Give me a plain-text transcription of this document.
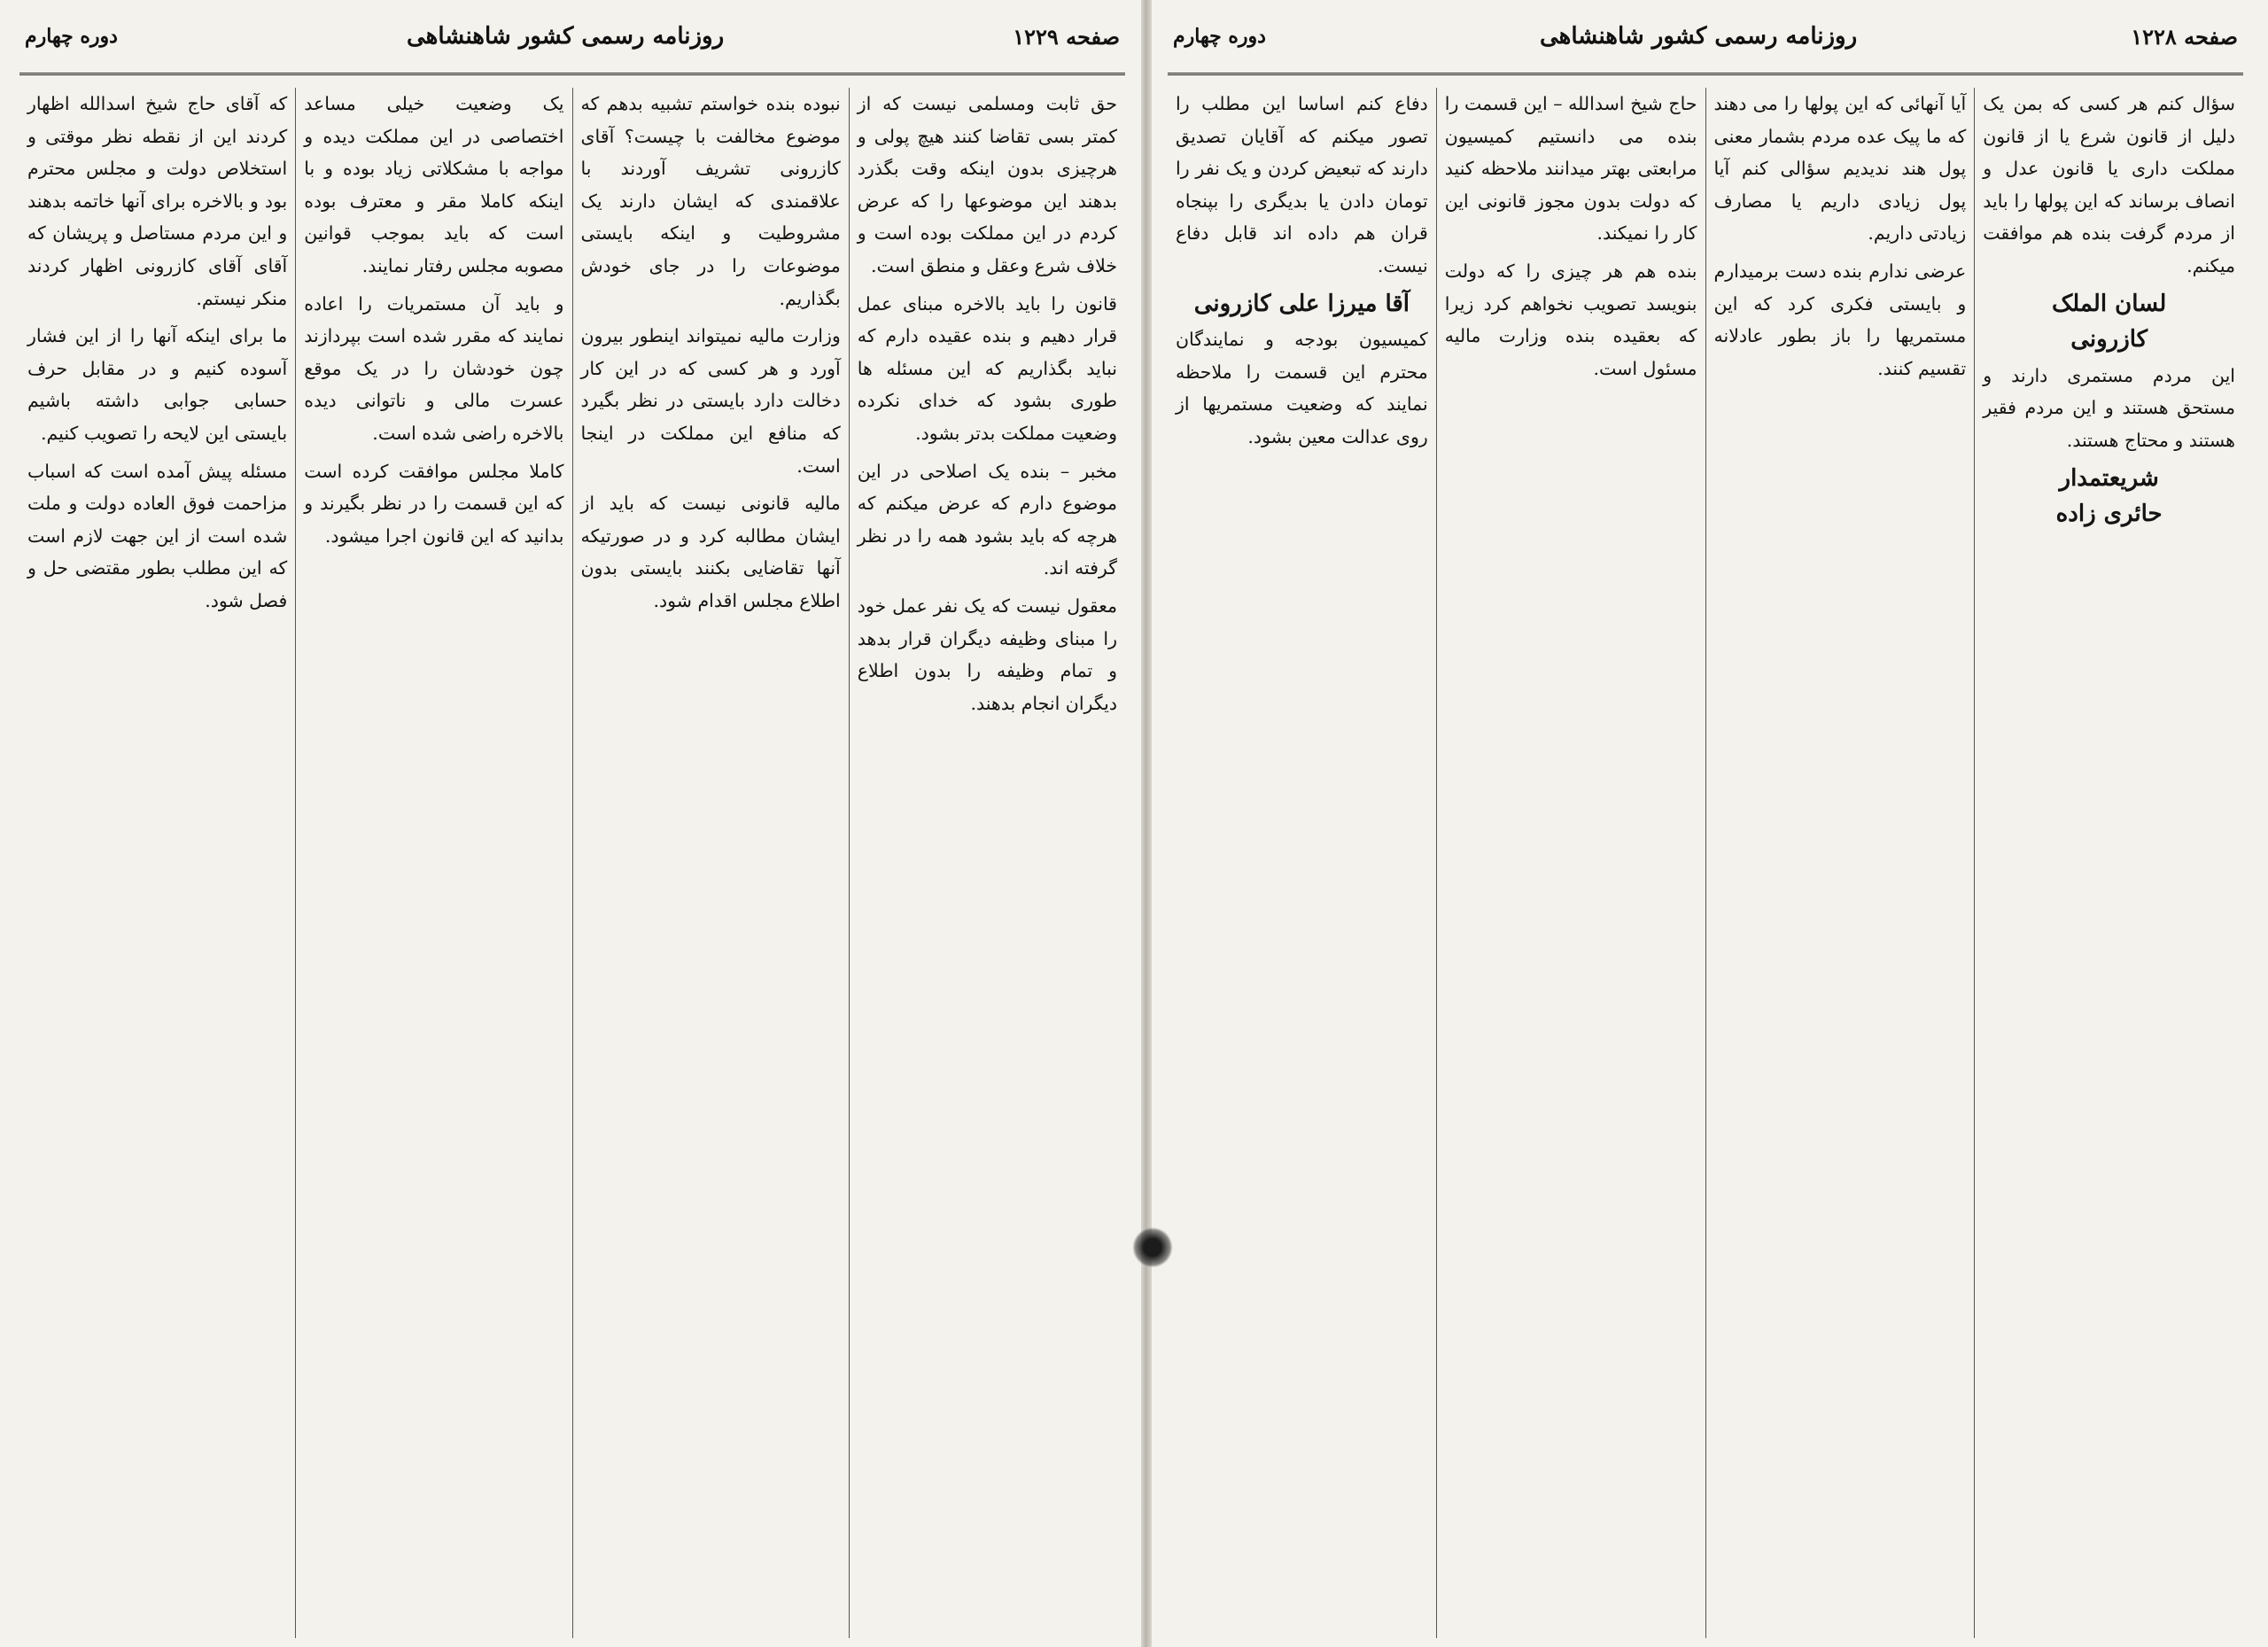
صفحه ۱۲۲۹
روزنامه رسمی کشور شاهنشاهی
دوره چهارم

حق ثابت ومسلمی نیست که از کمتر بسی تقاضا کنند هیچ پولی و هرچیزی بدون اینکه وقت بگذرد بدهند این موضوعها را که عرض کردم در این مملکت بوده است و خلاف شرع وعقل و منطق است.

قانون را باید بالاخره مبنای عمل قرار دهیم و بنده عقیده دارم که نباید بگذاریم که این مسئله ها طوری بشود که خدای نکرده وضعیت مملکت بدتر بشود.

مخبر – بنده یک اصلاحی در این موضوع دارم که عرض میکنم که هرچه که باید بشود همه را در نظر گرفته اند.

معقول نیست که یک نفر عمل خود را مبنای وظیفه دیگران قرار بدهد و تمام وظیفه را بدون اطلاع دیگران انجام بدهند.

نبوده بنده خواستم تشبیه بدهم که موضوع مخالفت با چیست؟ آقای کازرونی تشریف آوردند با علاقمندی که ایشان دارند یک مشروطیت و اینکه بایستی موضوعات را در جای خودش بگذاریم.

وزارت مالیه نمیتواند اینطور بیرون آورد و هر کسی که در این کار دخالت دارد بایستی در نظر بگیرد که منافع این مملکت در اینجا است.

مالیه قانونی نیست که باید از ایشان مطالبه کرد و در صورتیکه آنها تقاضایی بکنند بایستی بدون اطلاع مجلس اقدام شود.

یک وضعیت خیلی مساعد اختصاصی در این مملکت دیده و مواجه با مشکلاتی زیاد بوده و با اینکه کاملا مقر و معترف بوده است که باید بموجب قوانین مصوبه مجلس رفتار نمایند.

و باید آن مستمریات را اعاده نمایند که مقرر شده است بپردازند چون خودشان را در یک موقع عسرت مالی و ناتوانی دیده بالاخره راضی شده است.

کاملا مجلس موافقت کرده است که این قسمت را در نظر بگیرند و بدانید که این قانون اجرا میشود.

که آقای حاج شیخ اسدالله اظهار کردند این از نقطه نظر موقتی و استخلاص دولت و مجلس محترم بود و بالاخره برای آنها خاتمه بدهند و این مردم مستاصل و پریشان که آقای آقای کازرونی اظهار کردند منکر نیستم.

ما برای اینکه آنها را از این فشار آسوده کنیم و در مقابل حرف حسابی جوابی داشته باشیم بایستی این لایحه را تصویب کنیم.

مسئله پیش آمده است که اسباب مزاحمت فوق العاده دولت و ملت شده است از این جهت لازم است که این مطلب بطور مقتضی حل و فصل شود.

صفحه ۱۲۲۸
روزنامه رسمی کشور شاهنشاهی
دوره چهارم

سؤال کنم هر کسی که بمن یک دلیل از قانون شرع یا از قانون مملکت داری یا قانون عدل و انصاف برساند که این پولها را باید از مردم گرفت بنده هم موافقت میکنم.

لسان الملک
کازرونی

این مردم مستمری دارند و مستحق هستند و این مردم فقیر هستند و محتاج هستند.

شریعتمدار
حائری زاده

آیا آنهائی که این پولها را می دهند که ما پیک عده مردم بشمار معنی پول هند ندیدیم سؤالی کنم آیا پول زیادی داریم یا مصارف زیادتی داریم.

عرضی ندارم بنده دست برمیدارم و بایستی فکری کرد که این مستمریها را باز بطور عادلانه تقسیم کنند.

حاج شیخ اسدالله – این قسمت را بنده می دانستیم کمیسیون مرابعتی بهتر میدانند ملاحظه کنید که دولت بدون مجوز قانونی این کار را نمیکند.

بنده هم هر چیزی را که دولت بنویسد تصویب نخواهم کرد زیرا که بعقیده بنده وزارت مالیه مسئول است.

دفاع کنم اساسا این مطلب را تصور میکنم که آقایان تصدیق دارند که تبعیض کردن و یک نفر را تومان دادن یا بدیگری را بپنجاه قران هم داده اند قابل دفاع نیست.

آقا میرزا علی کازرونی

کمیسیون بودجه و نمایندگان محترم این قسمت را ملاحظه نمایند که وضعیت مستمریها از روی عدالت معین بشود.
